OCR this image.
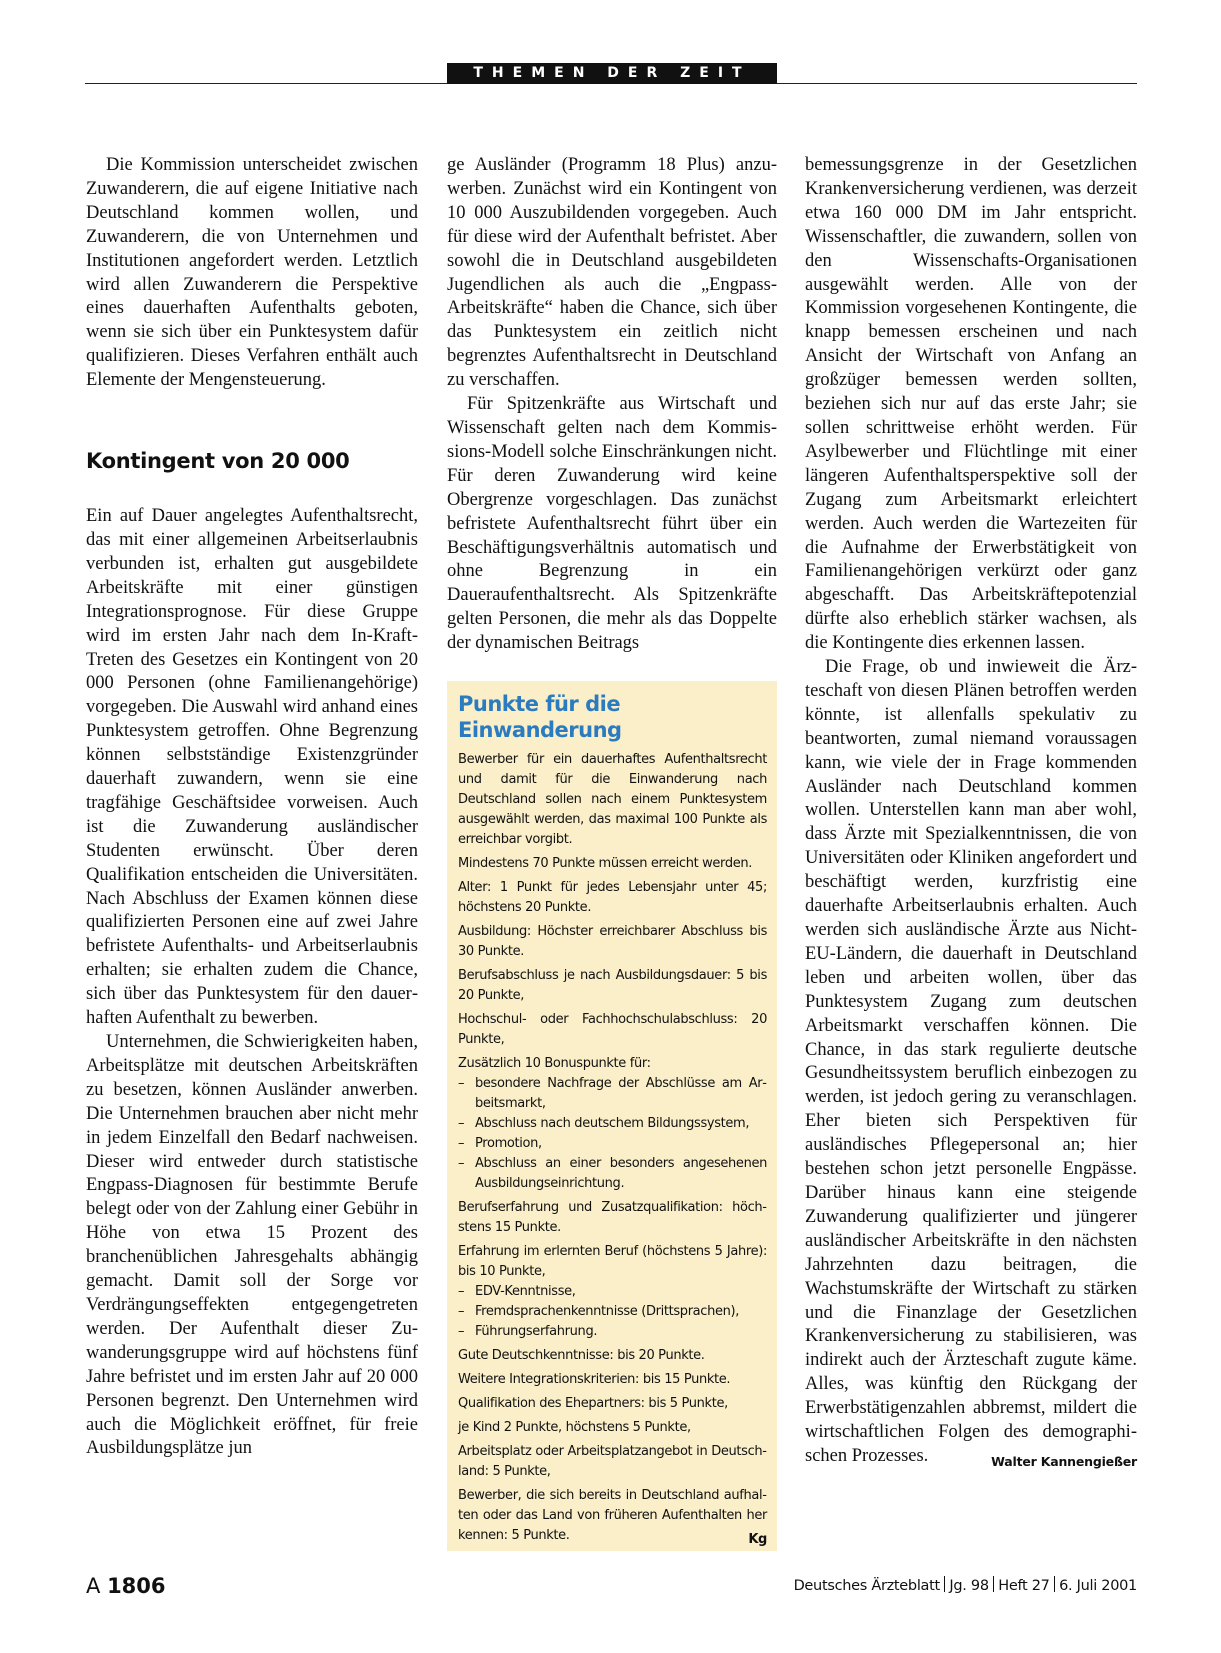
THEMEN DER ZEIT

Die Kommission unterscheidet zwischen Zuwanderern, die auf eigene Initiative nach Deutschland kommen wollen, und Zuwanderern, die von Unternehmen und Institutionen angefordert werden. Letztlich wird allen Zuwanderern die Perspektive eines dauerhaften Aufenthalts geboten, wenn sie sich über ein Punktesystem dafür qualifizieren. Dieses Verfahren enthält auch Elemente der Mengensteuerung.

Kontingent von 20 000

Ein auf Dauer angelegtes Aufenthaltsrecht, das mit einer allgemeinen Arbeitserlaubnis verbunden ist, erhalten gut ausgebildete Arbeitskräfte mit einer günstigen Integrationsprognose. Für diese Gruppe wird im ersten Jahr nach dem In-Kraft-Treten des Gesetzes ein Kontingent von 20 000 Personen (ohne Familienangehörige) vorgegeben. Die Auswahl wird anhand eines Punktesystem getroffen. Ohne Begrenzung können selbstständige Existenzgründer dauerhaft zuwandern, wenn sie eine tragfähige Geschäftsidee vorweisen. Auch ist die Zuwanderung ausländischer Studenten erwünscht. Über deren Qualifikation entscheiden die Universitäten. Nach Abschluss der Examen können diese qualifizierten Personen eine auf zwei Jahre befristete Aufenthalts- und Arbeitserlaubnis erhalten; sie erhalten zudem die Chance, sich über das Punktesystem für den dauerhaften Aufenthalt zu bewerben.

Unternehmen, die Schwierigkeiten haben, Arbeitsplätze mit deutschen Arbeitskräften zu besetzen, können Ausländer anwerben. Die Unternehmen brauchen aber nicht mehr in jedem Einzelfall den Bedarf nachweisen. Dieser wird entweder durch statistische Engpass-Diagnosen für bestimmte Berufe belegt oder von der Zahlung einer Gebühr in Höhe von etwa 15 Prozent des branchenüblichen Jahresgehalts abhängig gemacht. Damit soll der Sorge vor Verdrängungseffekten entgegengetreten werden. Der Aufenthalt dieser Zuwanderungsgruppe wird auf höchstens fünf Jahre befristet und im ersten Jahr auf 20 000 Personen begrenzt. Den Unternehmen wird auch die Möglichkeit eröffnet, für freie Ausbildungsplätze jun

ge Ausländer (Programm 18 Plus) anzuwerben. Zunächst wird ein Kontingent von 10 000 Auszubildenden vorgegeben. Auch für diese wird der Aufenthalt befristet. Aber sowohl die in Deutschland ausgebildeten Jugendlichen als auch die „Engpass-Arbeitskräfte“ haben die Chance, sich über das Punktesystem ein zeitlich nicht begrenztes Aufenthaltsrecht in Deutschland zu verschaffen.

Für Spitzenkräfte aus Wirtschaft und Wissenschaft gelten nach dem Kommissions-Modell solche Einschränkungen nicht. Für deren Zuwanderung wird keine Obergrenze vorgeschlagen. Das zunächst befristete Aufenthaltsrecht führt über ein Beschäftigungsverhältnis automatisch und ohne Begrenzung in ein Daueraufenthaltsrecht. Als Spitzenkräfte gelten Personen, die mehr als das Doppelte der dynamischen Beitrags

Punkte für die Einwanderung

Bewerber für ein dauerhaftes Aufenthaltsrecht und damit für die Einwanderung nach Deutschland sollen nach einem Punktesystem ausgewählt werden, das maximal 100 Punkte als erreichbar vorgibt.

Mindestens 70 Punkte müssen erreicht werden.

Alter: 1 Punkt für jedes Lebensjahr unter 45; höchstens 20 Punkte.

Ausbildung: Höchster erreichbarer Abschluss bis 30 Punkte.

Berufsabschluss je nach Ausbildungsdauer: 5 bis 20 Punkte,

Hochschul- oder Fachhochschulabschluss: 20 Punkte,

Zusätzlich 10 Bonuspunkte für:

– besondere Nachfrage der Abschlüsse am Arbeitsmarkt,
– Abschluss nach deutschem Bildungssystem,
– Promotion,
– Abschluss an einer besonders angesehenen Ausbildungseinrichtung.

Berufserfahrung und Zusatzqualifikation: höchstens 15 Punkte.

Erfahrung im erlernten Beruf (höchstens 5 Jahre): bis 10 Punkte,

– EDV-Kenntnisse,
– Fremdsprachenkenntnisse (Drittsprachen),
– Führungserfahrung.

Gute Deutschkenntnisse: bis 20 Punkte.

Weitere Integrationskriterien: bis 15 Punkte.

Qualifikation des Ehepartners: bis 5 Punkte,

je Kind 2 Punkte, höchstens 5 Punkte,

Arbeitsplatz oder Arbeitsplatzangebot in Deutschland: 5 Punkte,

Bewerber, die sich bereits in Deutschland aufhalten oder das Land von früheren Aufenthalten her kennen: 5 Punkte.	Kg

bemessungsgrenze in der Gesetzlichen Krankenversicherung verdienen, was derzeit etwa 160 000 DM im Jahr entspricht. Wissenschaftler, die zuwandern, sollen von den Wissenschafts-Organisationen ausgewählt werden. Alle von der Kommission vorgesehenen Kontingente, die knapp bemessen erscheinen und nach Ansicht der Wirtschaft von Anfang an großzüger bemessen werden sollten, beziehen sich nur auf das erste Jahr; sie sollen schrittweise erhöht werden. Für Asylbewerber und Flüchtlinge mit einer längeren Aufenthaltsperspektive soll der Zugang zum Arbeitsmarkt erleichtert werden. Auch werden die Wartezeiten für die Aufnahme der Erwerbstätigkeit von Familienangehörigen verkürzt oder ganz abgeschafft. Das Arbeitskräftepotenzial dürfte also erheblich stärker wachsen, als die Kontingente dies erkennen lassen.

Die Frage, ob und inwieweit die Ärzteschaft von diesen Plänen betroffen werden könnte, ist allenfalls spekulativ zu beantworten, zumal niemand voraussagen kann, wie viele der in Frage kommenden Ausländer nach Deutschland kommen wollen. Unterstellen kann man aber wohl, dass Ärzte mit Spezialkenntnissen, die von Universitäten oder Kliniken angefordert und beschäftigt werden, kurzfristig eine dauerhafte Arbeitserlaubnis erhalten. Auch werden sich ausländische Ärzte aus Nicht-EU-Ländern, die dauerhaft in Deutschland leben und arbeiten wollen, über das Punktesystem Zugang zum deutschen Arbeitsmarkt verschaffen können. Die Chance, in das stark regulierte deutsche Gesundheitssystem beruflich einbezogen zu werden, ist jedoch gering zu veranschlagen. Eher bieten sich Perspektiven für ausländisches Pflegepersonal an; hier bestehen schon jetzt personelle Engpässe. Darüber hinaus kann eine steigende Zuwanderung qualifizierter und jüngerer ausländischer Arbeitskräfte in den nächsten Jahrzehnten dazu beitragen, die Wachstumskräfte der Wirtschaft zu stärken und die Finanzlage der Gesetzlichen Krankenversicherung zu stabilisieren, was indirekt auch der Ärzteschaft zugute käme. Alles, was künftig den Rückgang der Erwerbstätigenzahlen abbremst, mildert die wirtschaftlichen Folgen des demographischen Prozesses.	Walter Kannengießer

A 1806	Deutsches Ärzteblatt Jg. 98 Heft 27 6. Juli 2001
